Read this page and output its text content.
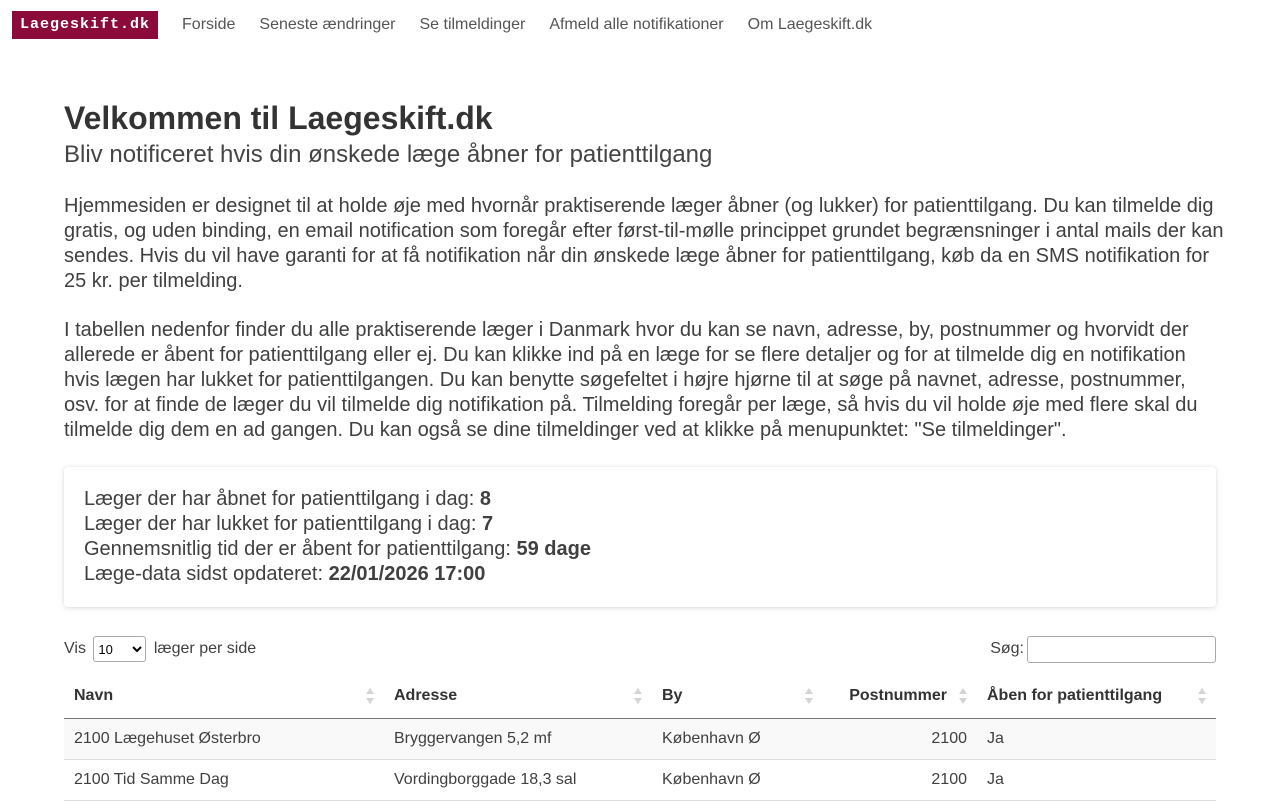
Laegeskift.dk	Forside Seneste ændringer Se tilmeldinger Afmeld alle notifikationer Om Laegeskift.dk
Velkommen til Laegeskift.dk
Bliv notificeret hvis din ønskede læge åbner for patienttilgang

Hjemmesiden er designet til at holde øje med hvornår praktiserende læger åbner (og lukker) for patienttilgang. Du kan tilmelde dig gratis, og uden binding, en email notification som foregår efter først-til-mølle princippet grundet begrænsninger i antal mails der kan sendes. Hvis du vil have garanti for at få notifikation når din ønskede læge åbner for patienttilgang, køb da en SMS notifikation for 25 kr. per tilmelding.

I tabellen nedenfor finder du alle praktiserende læger i Danmark hvor du kan se navn, adresse, by, postnummer og hvorvidt der allerede er åbent for patienttilgang eller ej. Du kan klikke ind på en læge for se flere detaljer og for at tilmelde dig en notifikation hvis lægen har lukket for patienttilgangen. Du kan benytte søgefeltet i højre hjørne til at søge på navnet, adresse, postnummer, osv. for at finde de læger du vil tilmelde dig notifikation på. Tilmelding foregår per læge, så hvis du vil holde øje med flere skal du tilmelde dig dem en ad gangen. Du kan også se dine tilmeldinger ved at klikke på menupunktet: "Se tilmeldinger".

Læger der har åbnet for patienttilgang i dag: 8
Læger der har lukket for patienttilgang i dag: 7
Gennemsnitlig tid der er åbent for patienttilgang: 59 dage
Læge-data sidst opdateret: 22/01/2026 17:00
Vis
10	læger per side	Søg:
Navn	Adresse	By	Postnummer	Åben for patienttilgang

2100 Lægehuset Østerbro	Bryggervangen 5,2 mf	København Ø	2100	Ja
2100 Tid Samme Dag	Vordingborggade 18,3 sal	København Ø	2100	Ja
